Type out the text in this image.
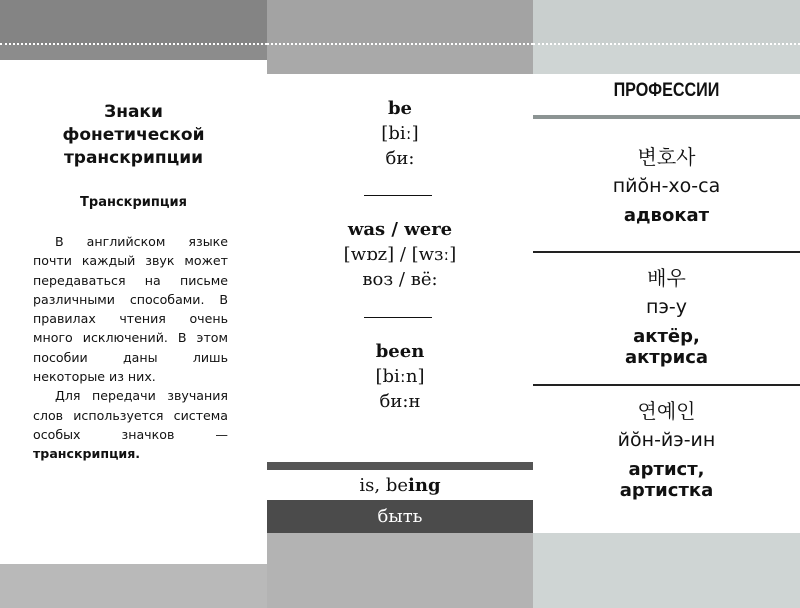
Знаки
фонетической
транскрипции
Транскрипция

В английском языке почти каждый звук может передаваться на письме различными способами. В правилах чтения очень много исключений. В этом пособии даны лишь некоторые из них.

Для передачи звучания слов используется система особых значков — транскрипция.

be
[biː]
би:
was / were
[wɒz] / [wɜː]
воз / вё:
been
[biːn]
би:н
is, being
быть
ПРОФЕССИИ
변호사
пйŏн-хо-са
адвокат
배우
пэ-у
актёр,
актриса
연예인
йŏн-йэ-ин
артист,
артистка
